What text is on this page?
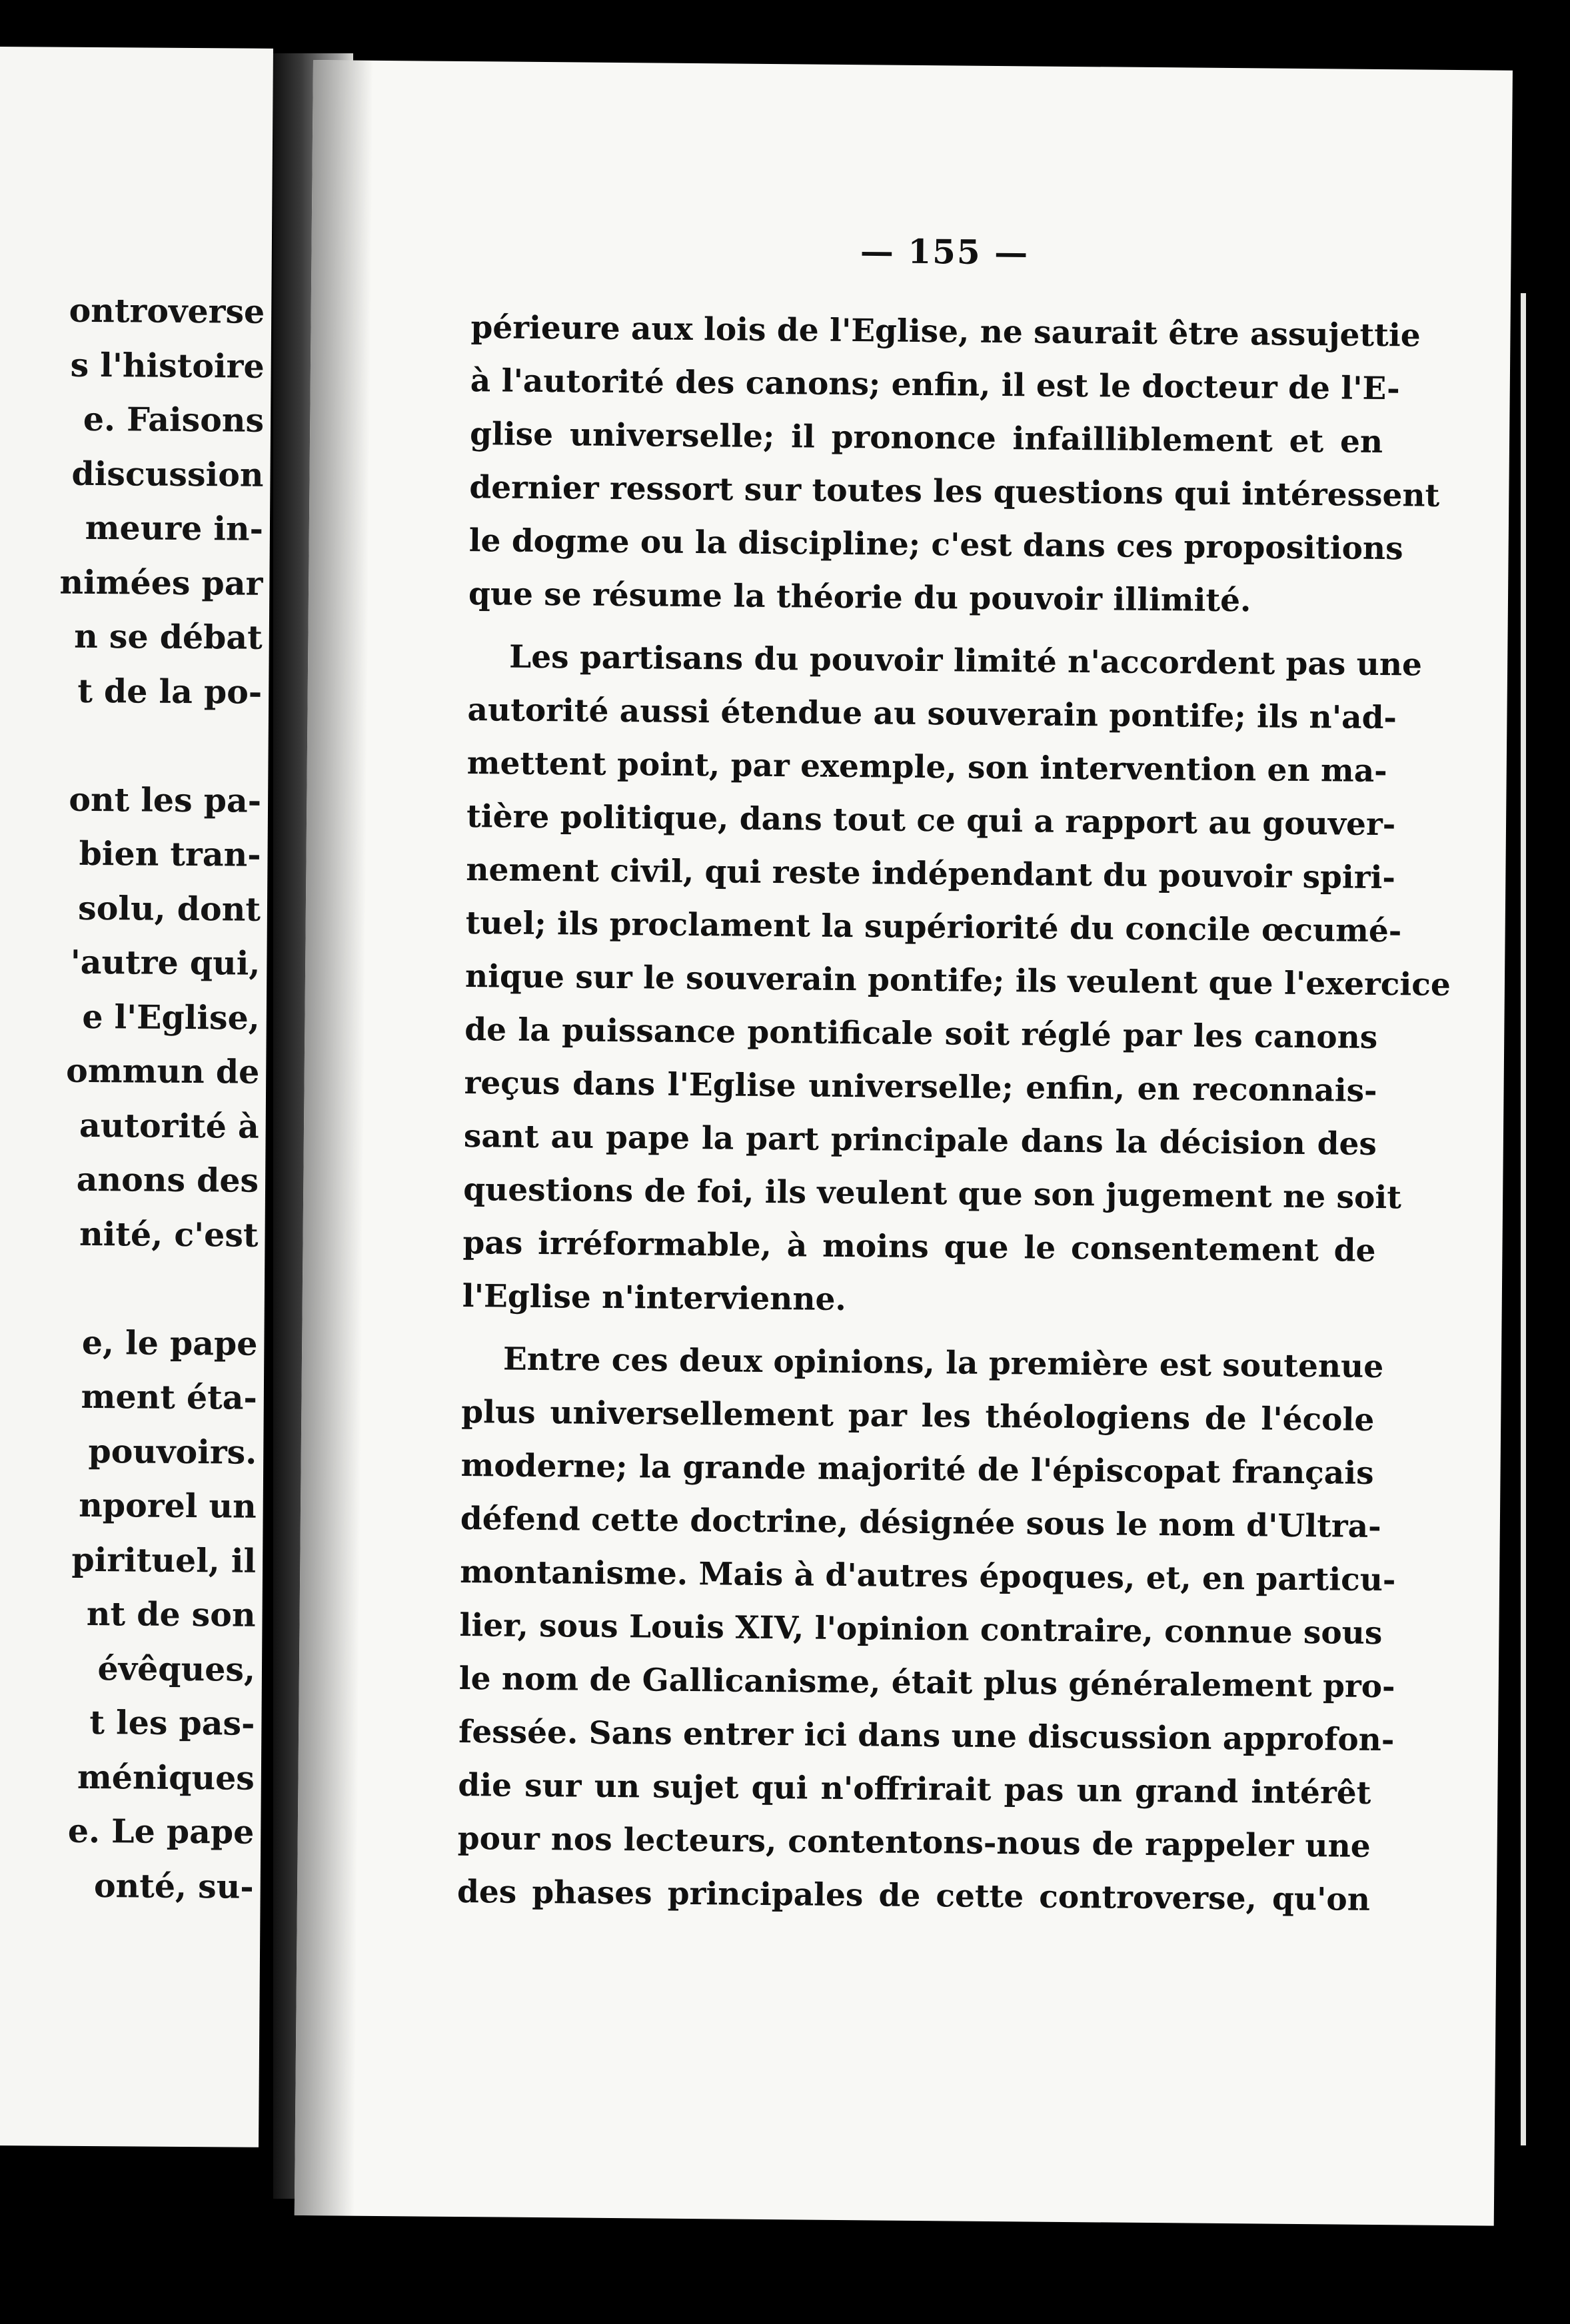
ontroverse
s l'histoire
e. Faisons
discussion
meure in-
nimées par
n se débat
t de la po-
ont les pa-
bien tran-
solu, dont
'autre qui,
e l'Eglise,
ommun de
autorité à
anons des
nité, c'est
e, le pape
ment éta-
pouvoirs.
nporel un
pirituel, il
nt de son
évêques,
t les pas-
méniques
e. Le pape
onté, su-
— 155 —
périeure aux lois de l'Eglise, ne saurait être assujettie
à l'autorité des canons; enfin, il est le docteur de l'E-
glise universelle; il prononce infailliblement et en
dernier ressort sur toutes les questions qui intéressent
le dogme ou la discipline; c'est dans ces propositions
que se résume la théorie du pouvoir illimité.
Les partisans du pouvoir limité n'accordent pas une
autorité aussi étendue au souverain pontife; ils n'ad-
mettent point, par exemple, son intervention en ma-
tière politique, dans tout ce qui a rapport au gouver-
nement civil, qui reste indépendant du pouvoir spiri-
tuel; ils proclament la supériorité du concile œcumé-
nique sur le souverain pontife; ils veulent que l'exercice
de la puissance pontificale soit réglé par les canons
reçus dans l'Eglise universelle; enfin, en reconnais-
sant au pape la part principale dans la décision des
questions de foi, ils veulent que son jugement ne soit
pas irréformable, à moins que le consentement de
l'Eglise n'intervienne.
Entre ces deux opinions, la première est soutenue
plus universellement par les théologiens de l'école
moderne; la grande majorité de l'épiscopat français
défend cette doctrine, désignée sous le nom d'Ultra-
montanisme. Mais à d'autres époques, et, en particu-
lier, sous Louis XIV, l'opinion contraire, connue sous
le nom de Gallicanisme, était plus généralement pro-
fessée. Sans entrer ici dans une discussion approfon-
die sur un sujet qui n'offrirait pas un grand intérêt
pour nos lecteurs, contentons-nous de rappeler une
des phases principales de cette controverse, qu'on
